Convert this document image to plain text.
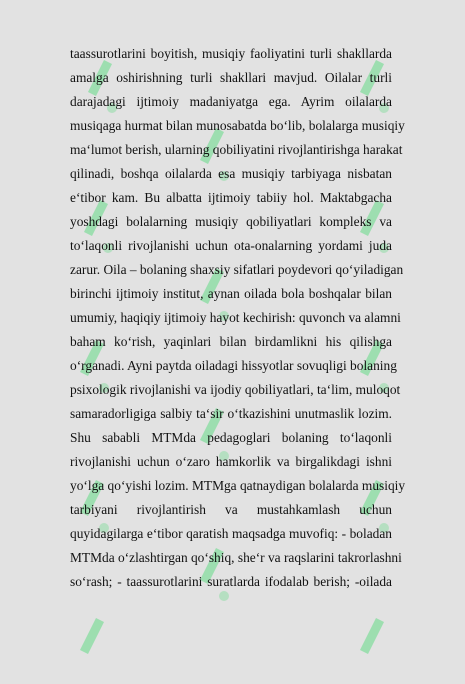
taassurotlarini boyitish, musiqiy faoliyatini turli shakllarda
amalga oshirishning turli shakllari mavjud. Oilalar turli
darajadagi ijtimoiy madaniyatga ega. Ayrim oilalarda
musiqaga hurmat bilan munosabatda bo‘lib, bolalarga musiqiy
ma‘lumot berish, ularning qobiliyatini rivojlantirishga harakat
qilinadi, boshqa oilalarda esa musiqiy tarbiyaga nisbatan
e‘tibor kam. Bu albatta ijtimoiy tabiiy hol. Maktabgacha
yoshdagi bolalarning musiqiy qobiliyatlari kompleks va
to‘laqonli rivojlanishi uchun ota-onalarning yordami juda
zarur. Oila – bolaning shaxsiy sifatlari poydevori qo‘yiladigan
birinchi ijtimoiy institut, aynan oilada bola boshqalar bilan
umumiy, haqiqiy ijtimoiy hayot kechirish: quvonch va alamni
baham ko‘rish, yaqinlari bilan birdamlikni his qilishga
o‘rganadi. Ayni paytda oiladagi hissyotlar sovuqligi bolaning
psixologik rivojlanishi va ijodiy qobiliyatlari, ta‘lim, muloqot
samaradorligiga salbiy ta‘sir o‘tkazishini unutmaslik lozim.
Shu sababli MTMda pedagoglari bolaning to‘laqonli
rivojlanishi uchun o‘zaro hamkorlik va birgalikdagi ishni
yo‘lga qo‘yishi lozim. MTMga qatnaydigan bolalarda musiqiy
tarbiyani rivojlantirish va mustahkamlash uchun
quyidagilarga e‘tibor qaratish maqsadga muvofiq: - boladan
MTMda o‘zlashtirgan qo‘shiq, she‘r va raqslarini takrorlashni
so‘rash; - taassurotlarini suratlarda ifodalab berish; -oilada
